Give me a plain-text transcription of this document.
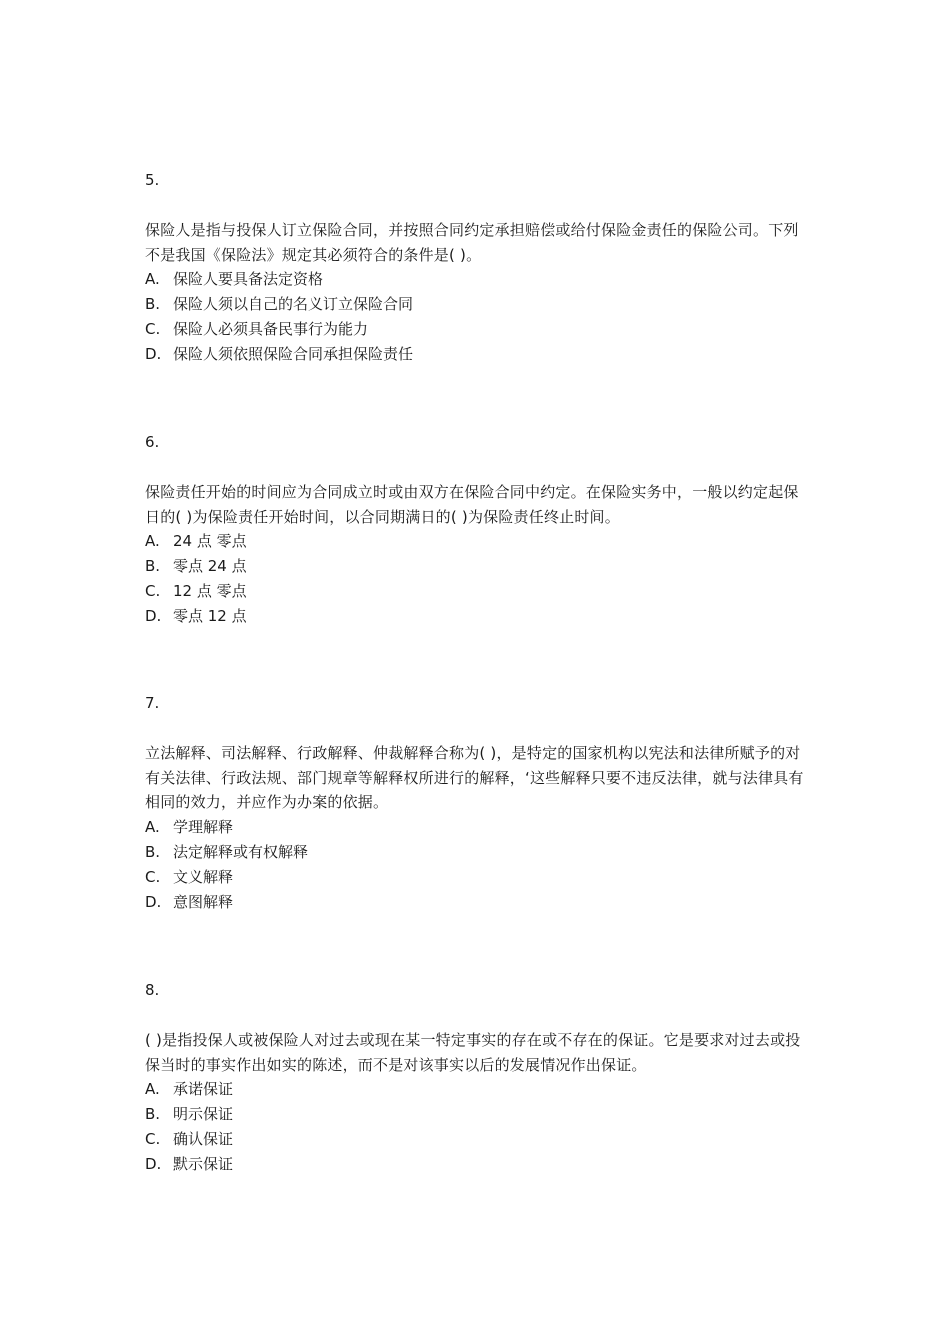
5.

保险人是指与投保人订立保险合同，并按照合同约定承担赔偿或给付保险金责任的保险公司。下列不是我国《保险法》规定其必须符合的条件是( )。

A. 保险人要具备法定资格
B. 保险人须以自己的名义订立保险合同
C. 保险人必须具备民事行为能力
D. 保险人须依照保险合同承担保险责任

6.

保险责任开始的时间应为合同成立时或由双方在保险合同中约定。在保险实务中，一般以约定起保日的( )为保险责任开始时间，以合同期满日的( )为保险责任终止时间。

A. 24 点 零点
B. 零点 24 点
C. 12 点 零点
D. 零点 12 点

7.

立法解释、司法解释、行政解释、仲裁解释合称为( )，是特定的国家机构以宪法和法律所赋予的对有关法律、行政法规、部门规章等解释权所进行的解释，‘这些解释只要不违反法律，就与法律具有相同的效力，并应作为办案的依据。

A. 学理解释
B. 法定解释或有权解释
C. 文义解释
D. 意图解释

8.

( )是指投保人或被保险人对过去或现在某一特定事实的存在或不存在的保证。它是要求对过去或投保当时的事实作出如实的陈述，而不是对该事实以后的发展情况作出保证。

A. 承诺保证
B. 明示保证
C. 确认保证
D. 默示保证
